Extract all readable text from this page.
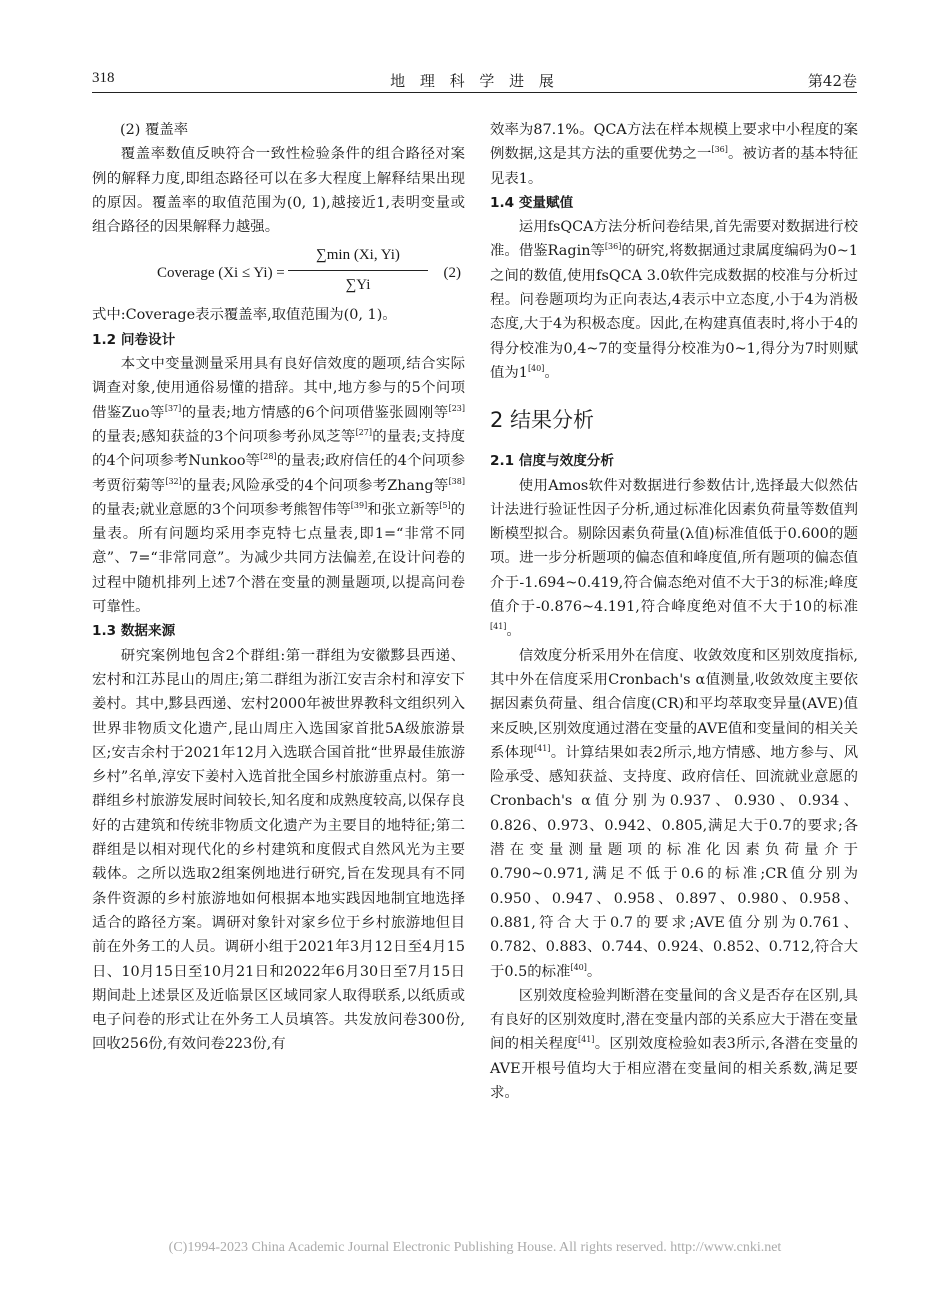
318	地 理 科 学 进 展	第42卷

(2) 覆盖率

覆盖率数值反映符合一致性检验条件的组合路径对案例的解释力度,即组态路径可以在多大程度上解释结果出现的原因。覆盖率的取值范围为(0, 1),越接近1,表明变量或组合路径的因果解释力越强。

Coverage (Xi ≤ Yi) =
∑min (Xi, Yi)
∑Yi
(2)

式中:Coverage表示覆盖率,取值范围为(0, 1)。

1.2 问卷设计

本文中变量测量采用具有良好信效度的题项,结合实际调查对象,使用通俗易懂的措辞。其中,地方参与的5个问项借鉴Zuo等[37]的量表;地方情感的6个问项借鉴张圆刚等[23]的量表;感知获益的3个问项参考孙凤芝等[27]的量表;支持度的4个问项参考Nunkoo等[28]的量表;政府信任的4个问项参考贾衍菊等[32]的量表;风险承受的4个问项参考Zhang等[38]的量表;就业意愿的3个问项参考熊智伟等[39]和张立新等[5]的量表。所有问题均采用李克特七点量表,即1=“非常不同意”、7=“非常同意”。为减少共同方法偏差,在设计问卷的过程中随机排列上述7个潜在变量的测量题项,以提高问卷可靠性。

1.3 数据来源

研究案例地包含2个群组:第一群组为安徽黟县西递、宏村和江苏昆山的周庄;第二群组为浙江安吉余村和淳安下姜村。其中,黟县西递、宏村2000年被世界教科文组织列入世界非物质文化遗产,昆山周庄入选国家首批5A级旅游景区;安吉余村于2021年12月入选联合国首批“世界最佳旅游乡村”名单,淳安下姜村入选首批全国乡村旅游重点村。第一群组乡村旅游发展时间较长,知名度和成熟度较高,以保存良好的古建筑和传统非物质文化遗产为主要目的地特征;第二群组是以相对现代化的乡村建筑和度假式自然风光为主要载体。之所以选取2组案例地进行研究,旨在发现具有不同条件资源的乡村旅游地如何根据本地实践因地制宜地选择适合的路径方案。调研对象针对家乡位于乡村旅游地但目前在外务工的人员。调研小组于2021年3月12日至4月15日、10月15日至10月21日和2022年6月30日至7月15日期间赴上述景区及近临景区区域同家人取得联系,以纸质或电子问卷的形式让在外务工人员填答。共发放问卷300份,回收256份,有效问卷223份,有

效率为87.1%。QCA方法在样本规模上要求中小程度的案例数据,这是其方法的重要优势之一[36]。被访者的基本特征见表1。

1.4 变量赋值

运用fsQCA方法分析问卷结果,首先需要对数据进行校准。借鉴Ragin等[36]的研究,将数据通过隶属度编码为0~1之间的数值,使用fsQCA 3.0软件完成数据的校准与分析过程。问卷题项均为正向表达,4表示中立态度,小于4为消极态度,大于4为积极态度。因此,在构建真值表时,将小于4的得分校准为0,4~7的变量得分校准为0~1,得分为7时则赋值为1[40]。

2 结果分析
2.1 信度与效度分析

使用Amos软件对数据进行参数估计,选择最大似然估计法进行验证性因子分析,通过标准化因素负荷量等数值判断模型拟合。剔除因素负荷量(λ值)标准值低于0.600的题项。进一步分析题项的偏态值和峰度值,所有题项的偏态值介于-1.694~0.419,符合偏态绝对值不大于3的标准;峰度值介于-0.876~4.191,符合峰度绝对值不大于10的标准[41]。

信效度分析采用外在信度、收敛效度和区别效度指标,其中外在信度采用Cronbach's α值测量,收敛效度主要依据因素负荷量、组合信度(CR)和平均萃取变异量(AVE)值来反映,区别效度通过潜在变量的AVE值和变量间的相关关系体现[41]。计算结果如表2所示,地方情感、地方参与、风险承受、感知获益、支持度、政府信任、回流就业意愿的Cronbach's α值分别为0.937、0.930、0.934、0.826、0.973、0.942、0.805,满足大于0.7的要求;各潜在变量测量题项的标准化因素负荷量介于0.790~0.971,满足不低于0.6的标准;CR值分别为0.950、0.947、0.958、0.897、0.980、0.958、0.881,符合大于0.7的要求;AVE值分别为0.761、0.782、0.883、0.744、0.924、0.852、0.712,符合大于0.5的标准[40]。

区别效度检验判断潜在变量间的含义是否存在区别,具有良好的区别效度时,潜在变量内部的关系应大于潜在变量间的相关程度[41]。区别效度检验如表3所示,各潜在变量的AVE开根号值均大于相应潜在变量间的相关系数,满足要求。

(C)1994-2023 China Academic Journal Electronic Publishing House. All rights reserved. http://www.cnki.net
